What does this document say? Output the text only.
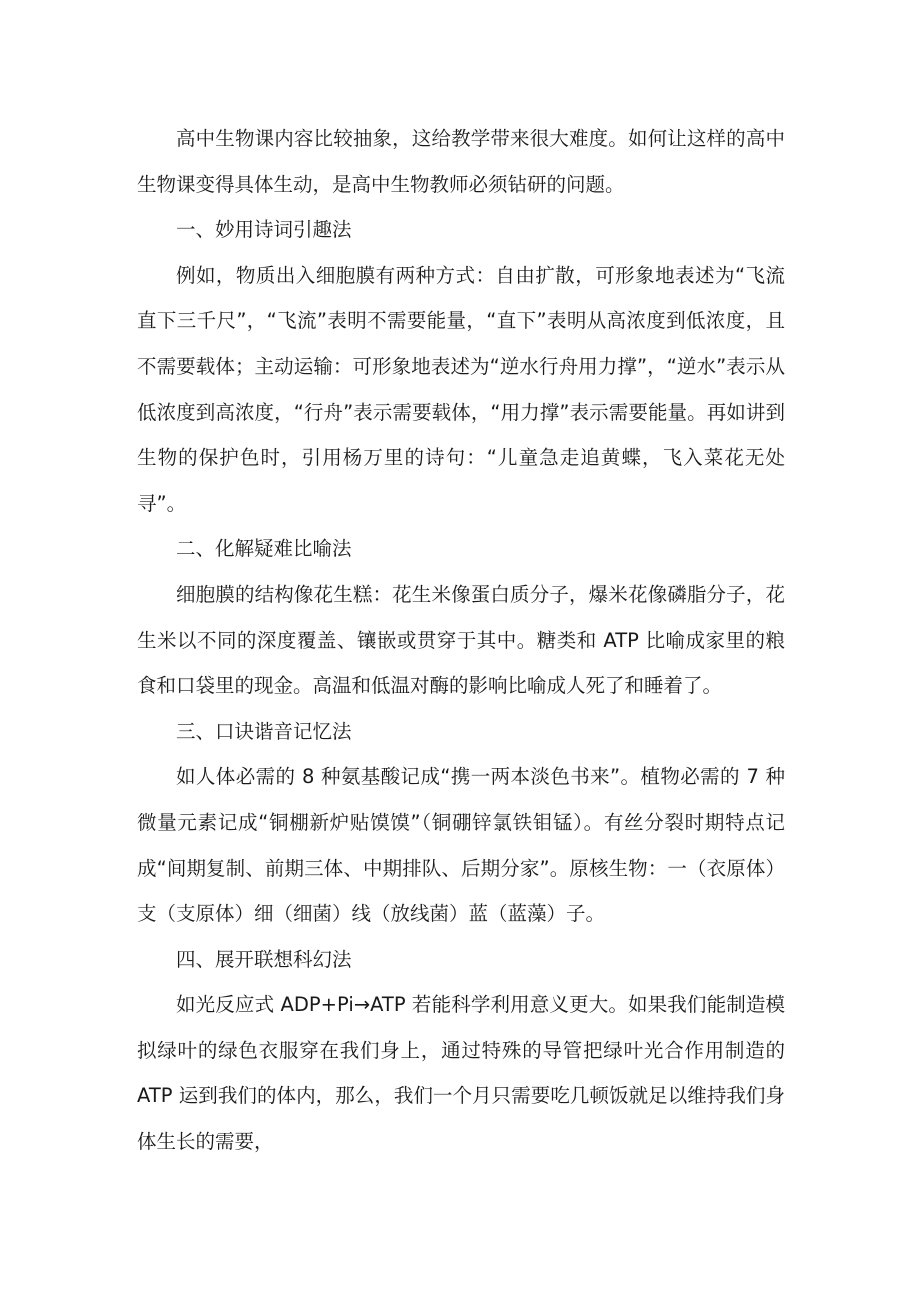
高中生物课内容比较抽象，这给教学带来很大难度。如何让这样的高中生物课变得具体生动，是高中生物教师必须钻研的问题。

一、妙用诗词引趣法

例如，物质出入细胞膜有两种方式：自由扩散，可形象地表述为“飞流直下三千尺”，“飞流”表明不需要能量，“直下”表明从高浓度到低浓度，且不需要载体；主动运输：可形象地表述为“逆水行舟用力撑”，“逆水”表示从低浓度到高浓度，“行舟”表示需要载体，“用力撑”表示需要能量。再如讲到生物的保护色时，引用杨万里的诗句：“儿童急走追黄蝶，飞入菜花无处寻”。

二、化解疑难比喻法

细胞膜的结构像花生糕：花生米像蛋白质分子，爆米花像磷脂分子，花生米以不同的深度覆盖、镶嵌或贯穿于其中。糖类和 ATP 比喻成家里的粮食和口袋里的现金。高温和低温对酶的影响比喻成人死了和睡着了。

三、口诀谐音记忆法

如人体必需的 8 种氨基酸记成“携一两本淡色书来”。植物必需的 7 种微量元素记成“铜棚新炉贴馍馍”（铜硼锌氯铁钼锰）。有丝分裂时期特点记成“间期复制、前期三体、中期排队、后期分家”。原核生物：一（衣原体）支（支原体）细（细菌）线（放线菌）蓝（蓝藻）子。

四、展开联想科幻法

如光反应式 ADP+Pi→ATP 若能科学利用意义更大。如果我们能制造模拟绿叶的绿色衣服穿在我们身上，通过特殊的导管把绿叶光合作用制造的 ATP 运到我们的体内，那么，我们一个月只需要吃几顿饭就足以维持我们身体生长的需要，
